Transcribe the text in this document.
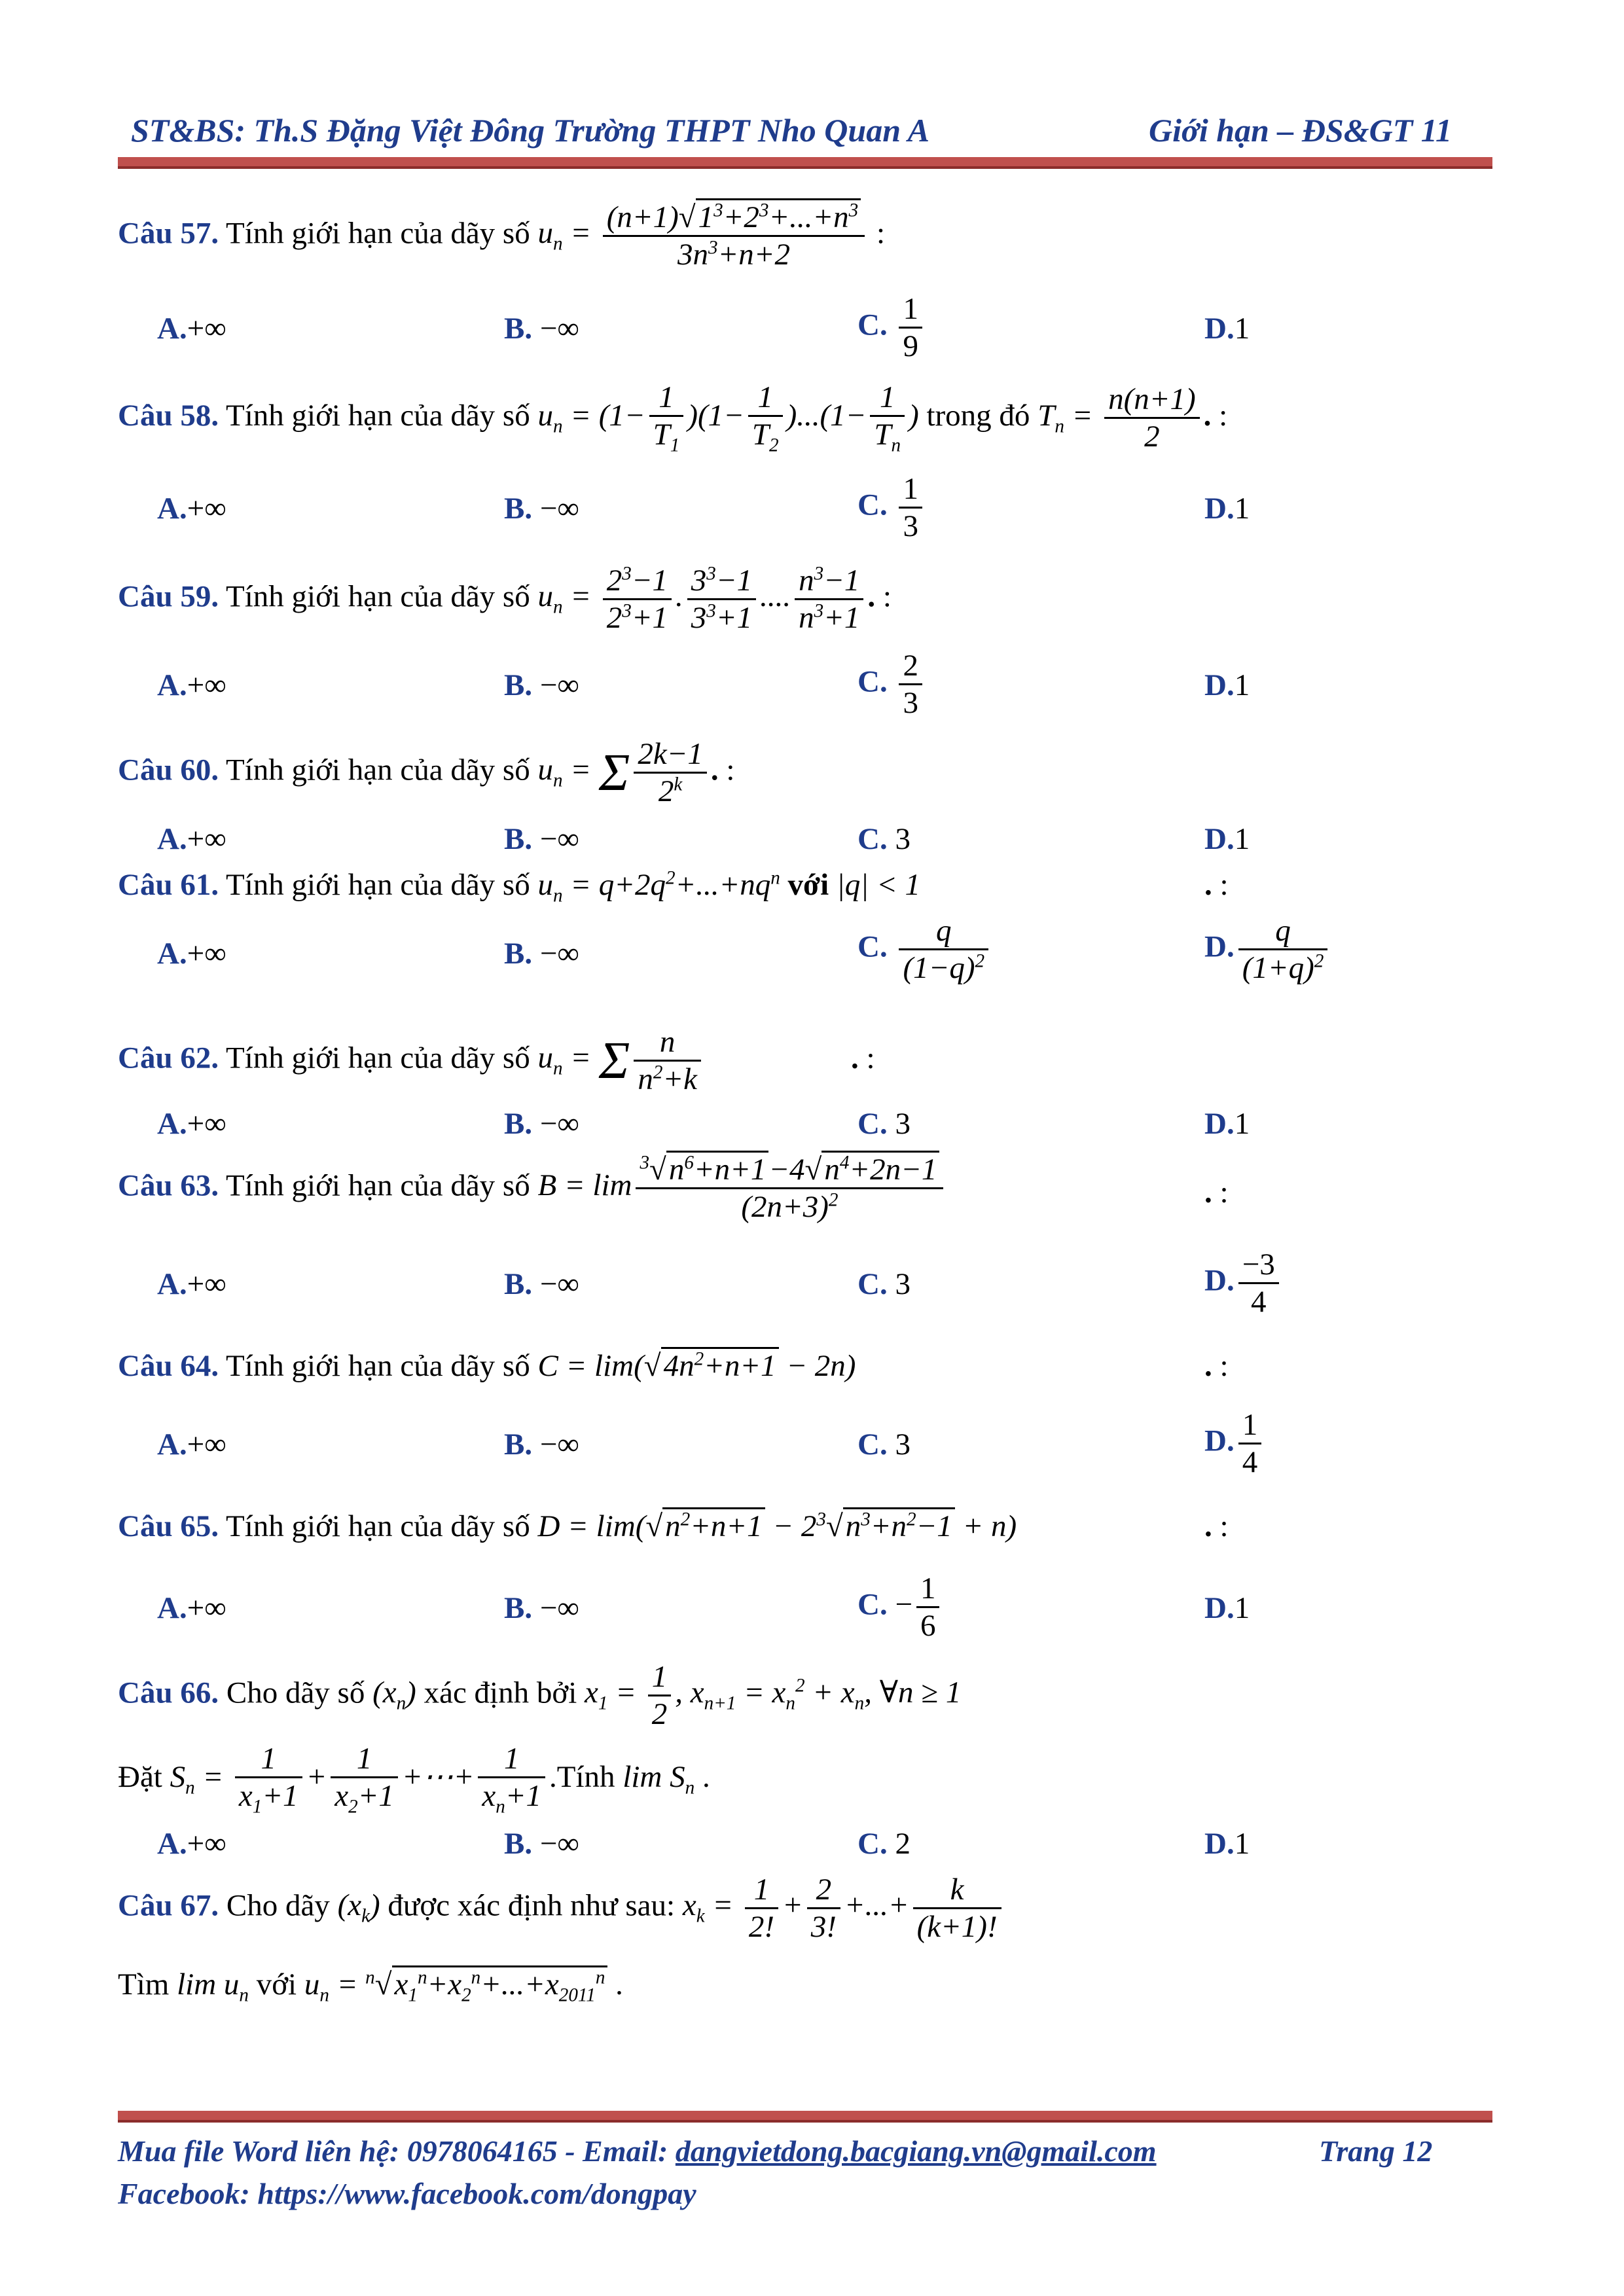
ST&BS: Th.S Đặng Việt Đông Trường THPT Nho Quan A	Giới hạn – ĐS&GT 11
Câu 57. Tính giới hạn của dãy số $u_n = \frac{(n+1)√1^3+2^3+...+n^3}{3n^3+n+2}$ :
A.+∞	B. −∞	C. $\frac{1}{9}$	D.1
Câu 58. Tính giới hạn của dãy số $u_n = (1- \frac{1}{T_1} )(1- \frac{1}{T_2} )...(1- \frac{1}{T_n}$ ) trong đó $T_n = \frac{n(n+1)}{2}$ . :
A.+∞	B. −∞	C. $\frac{1}{3}$	D.1
Câu 59. Tính giới hạn của dãy số $u_n = \frac{2^3-1}{2^3+1}$ . $\frac{3^3-1}{3^3+1}$ .... $\frac{n^3-1}{n^3+1}$ . :
A.+∞	B. −∞	C. $\frac{2}{3}$	D.1
Câu 60. Tính giới hạn của dãy số $u_n = \Sigma \frac{2k-1}{2^k}$ . :
A.+∞	B. −∞	C. 3	D.1
Câu 61. Tính giới hạn của dãy số $u_n = q+2q^2+...+nq^n$ với |q| < 1	. :
A.+∞	B. −∞	C. $\frac{q}{(1-q)^2}$	D. $\frac{q}{(1+q)^2}$
Câu 62. Tính giới hạn của dãy số $u_n = \Sigma \frac{n}{n^2+k}$	. :
A.+∞	B. −∞	C. 3	D.1
Câu 63. Tính giới hạn của dãy số $B = \lim \frac{^3√n^6+n+1-4√n^4+2n-1}{(2n+3)^2}$	. :
A.+∞	B. −∞	C. 3	D. $\frac{-3}{4}$
Câu 64. Tính giới hạn của dãy số $C = \lim(√4n^2+n+1 - 2n)$	. :
A.+∞	B. −∞	C. 3	D. $\frac{1}{4}$
Câu 65. Tính giới hạn của dãy số $D = \lim(√n^2+n+1 - 2^3√n^3+n^2-1 + n)$	. :
A.+∞	B. −∞	C. − $\frac{1}{6}$	D.1
Câu 66. Cho dãy số $(x_n)$ xác định bởi $x_1 = \frac{1}{2}$ , $x_{n+1} = x_n^2 + x_n$, ∀n ≥ 1
Đặt $S_n = \frac{1}{x_1+1} + \frac{1}{x_2+1}$ +⋯+ $\frac{1}{x_n+1}$ .Tính $\lim S_n$ .
A.+∞	B. −∞	C. 2	D.1
Câu 67. Cho dãy $(x_k)$ được xác định như sau: $x_k = \frac{1}{2!} + \frac{2}{3!}$ +...+ $\frac{k}{(k+1)!}$
Tìm $\lim u_n$ với $u_n = ^n√x_1^n+x_2^n+...+x_{2011}^n$ .
Mua file Word liên hệ: 0978064165 - Email: dangvietdong.bacgiang.vn@gmail.com	Trang 12
Facebook: https://www.facebook.com/dongpay
